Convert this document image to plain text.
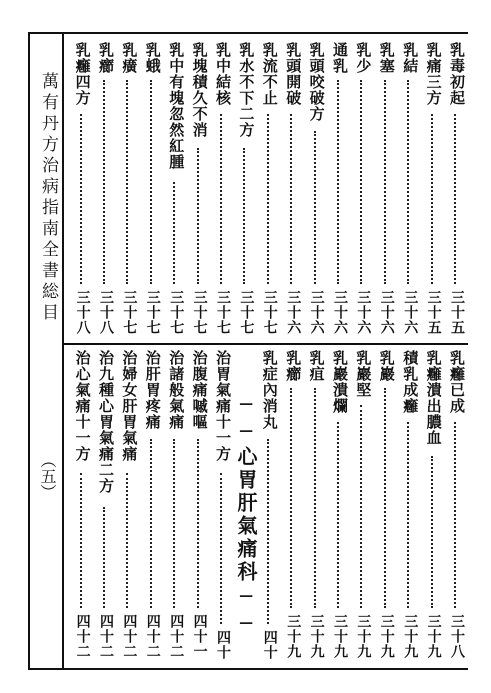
萬有丹方治病指南全書総目
（五）	──心胃肝氣痛科──
乳毒初起
三十五
乳痛三方
三十五
乳結
三十六
乳塞
三十六
乳少
三十六
通乳
三十六
乳頭咬破方
三十六
乳頭開破
三十六
乳流不止
三十七
乳水不下二方
三十七
乳中結核
三十七
乳塊積久不消
三十七
乳中有塊忽然紅腫
三十七
乳蛾
三十七
乳癀
三十七
乳癤
三十八
乳癰四方
三十八
乳癰已成
三十八
乳癰潰出膿血
三十九
積乳成癰
三十九
乳巖
三十九
乳巖堅
三十九
乳巖潰爛
三十九
乳疽
三十九
乳癤
三十九
乳症內消丸
四十
治胃氣痛十一方
四十
治腹痛嘁嘔
四十一
治諸般氣痛
四十二
治肝胃疼痛
四十二
治婦女肝胃氣痛
四十二
治九種心胃氣痛二方
四十二
治心氣痛十一方
四十二
